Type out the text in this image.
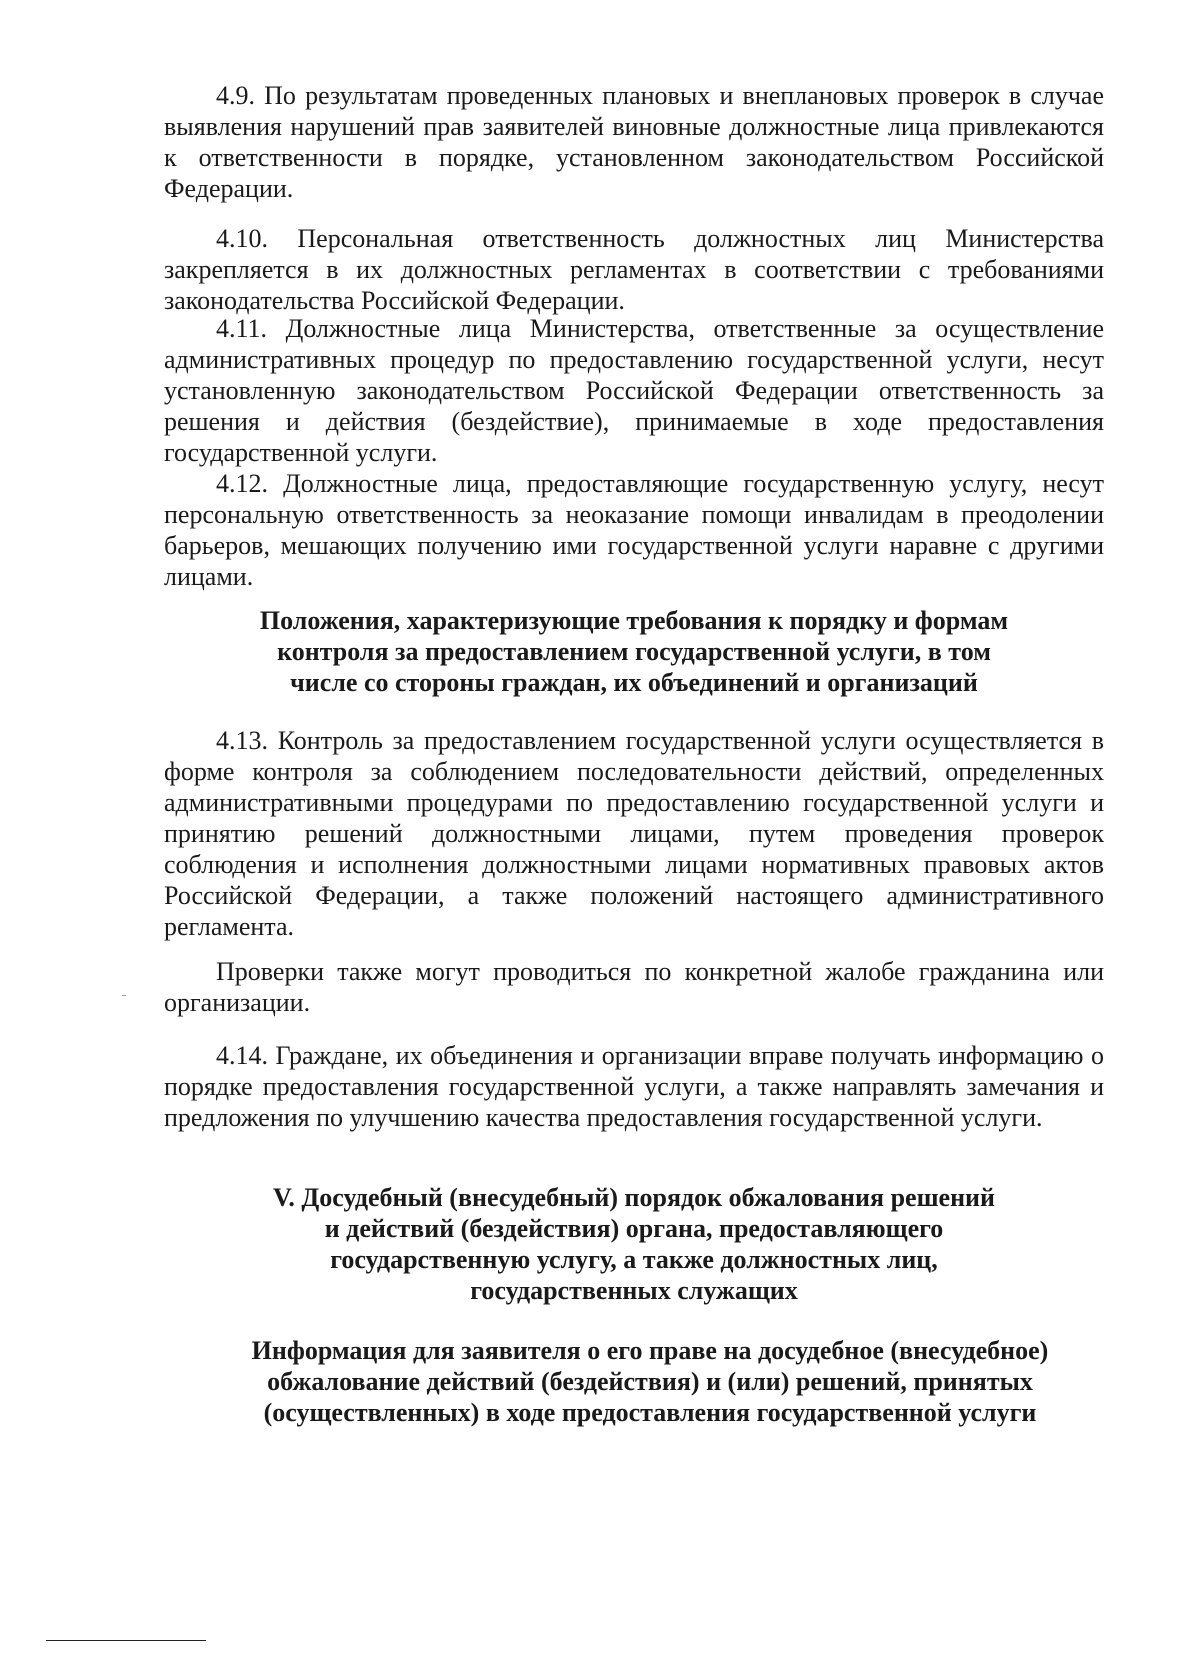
4.9. По результатам проведенных плановых и внеплановых проверок в случае выявления нарушений прав заявителей виновные должностные лица привлекаются к ответственности в порядке, установленном законодательством Российской Федерации.

4.10. Персональная ответственность должностных лиц Министерства закрепляется в их должностных регламентах в соответствии с требованиями законодательства Российской Федерации.

4.11. Должностные лица Министерства, ответственные за осуществление административных процедур по предоставлению государственной услуги, несут установленную законодательством Российской Федерации ответственность за решения и действия (бездействие), принимаемые в ходе предоставления государственной услуги.

4.12. Должностные лица, предоставляющие государственную услугу, несут персональную ответственность за неоказание помощи инвалидам в преодолении барьеров, мешающих получению ими государственной услуги наравне с другими лицами.

Положения, характеризующие требования к порядку и формам
контроля за предоставлением государственной услуги, в том
числе со стороны граждан, их объединений и организаций

4.13. Контроль за предоставлением государственной услуги осуществляется в форме контроля за соблюдением последовательности действий, определенных административными процедурами по предоставлению государственной услуги и принятию решений должностными лицами, путем проведения проверок соблюдения и исполнения должностными лицами нормативных правовых актов Российской Федерации, а также положений настоящего административного регламента.

Проверки также могут проводиться по конкретной жалобе гражданина или организации.

4.14. Граждане, их объединения и организации вправе получать информацию о порядке предоставления государственной услуги, а также направлять замечания и предложения по улучшению качества предоставления государственной услуги.

V. Досудебный (внесудебный) порядок обжалования решений
и действий (бездействия) органа, предоставляющего
государственную услугу, а также должностных лиц,
государственных служащих
Информация для заявителя о его праве на досудебное (внесудебное)
обжалование действий (бездействия) и (или) решений, принятых
(осуществленных) в ходе предоставления государственной услуги
